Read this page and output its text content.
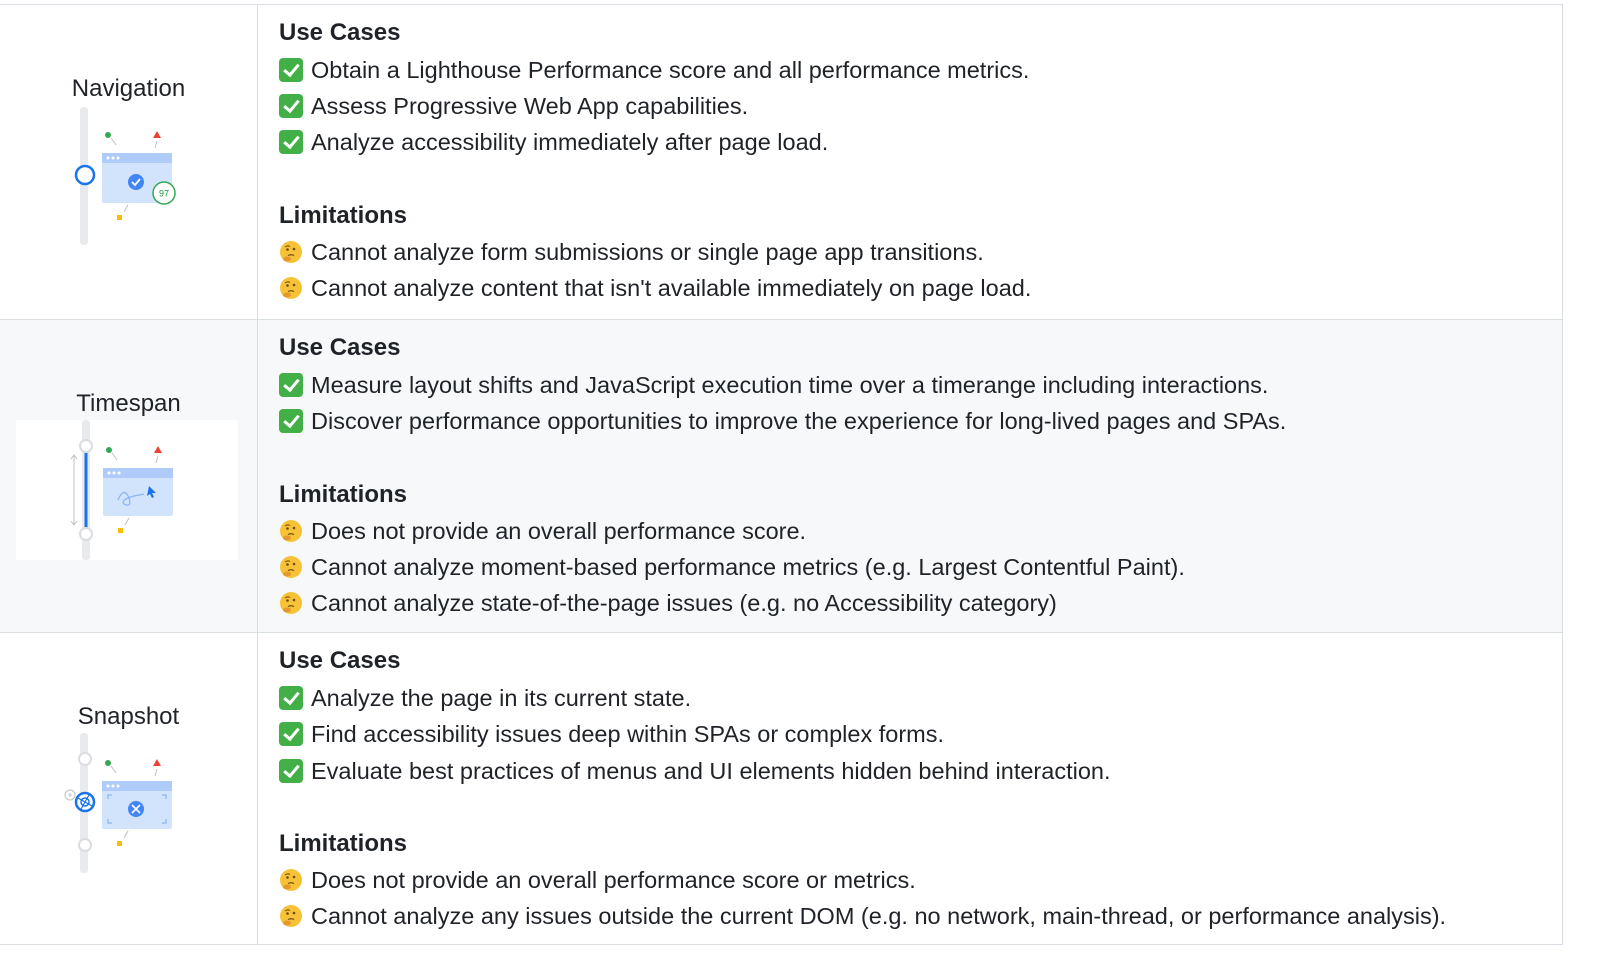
Navigation
97
Use Cases
Obtain a Lighthouse Performance score and all performance metrics.
Assess Progressive Web App capabilities.
Analyze accessibility immediately after page load.
Limitations
Cannot analyze form submissions or single page app transitions.
Cannot analyze content that isn't available immediately on page load.
Timespan
Use Cases
Measure layout shifts and JavaScript execution time over a timerange including interactions.
Discover performance opportunities to improve the experience for long-lived pages and SPAs.
Limitations
Does not provide an overall performance score.
Cannot analyze moment-based performance metrics (e.g. Largest Contentful Paint).
Cannot analyze state-of-the-page issues (e.g. no Accessibility category)
Snapshot
Use Cases
Analyze the page in its current state.
Find accessibility issues deep within SPAs or complex forms.
Evaluate best practices of menus and UI elements hidden behind interaction.
Limitations
Does not provide an overall performance score or metrics.
Cannot analyze any issues outside the current DOM (e.g. no network, main-thread, or performance analysis).
